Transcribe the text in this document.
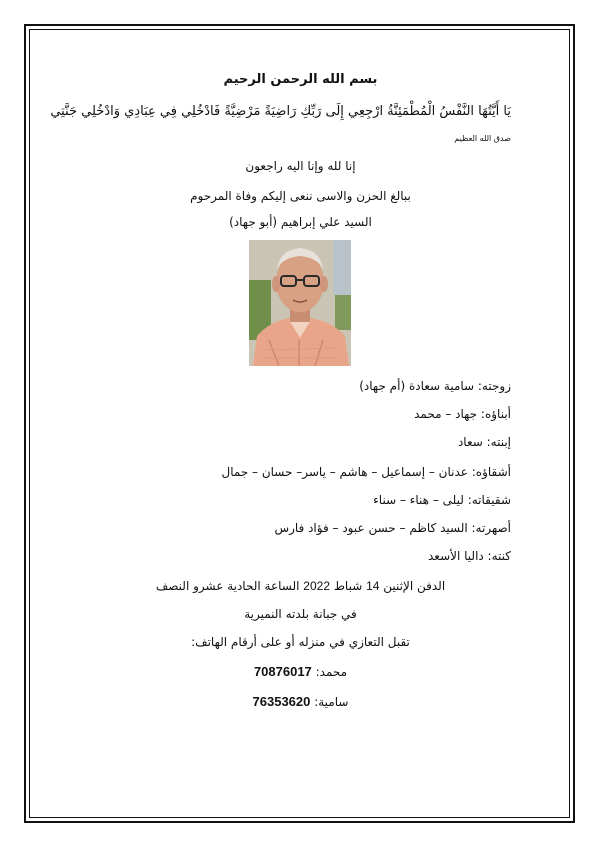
بسم الله الرحمن الرحيم
يَا أَيَّتُهَا النَّفْسُ الْمُطْمَئِنَّةُ ارْجِعِي إِلَى رَبِّكِ رَاضِيَةً مَرْضِيَّةً فَادْخُلِي فِي عِبَادِي وَادْخُلِي جَنَّتِي
صدق الله العظيم
إنا لله وإنا اليه راجعون
ببالغ الحزن والاسى ننعى إليكم وفاة المرحوم
السيد علي إبراهيم (أبو جهاد)
زوجته: سامية سعادة (أم جهاد)
أبناؤه: جهاد – محمد
إبنته: سعاد
أشقاؤه: عدنان – إسماعيل – هاشم – ياسر– حسان – جمال
شقيقاته: ليلى – هناء – سناء
أصهرته: السيد كاظم – حسن عبود – فؤاد فارس
كنته: داليا الأسعد
الدفن الإثنين 14 شباط 2022 الساعة الحادية عشرو النصف
في جبانة بلدته النميرية
تقبل التعازي في منزله أو على أرقام الهاتف:
محمد: 70876017
سامية: 76353620
